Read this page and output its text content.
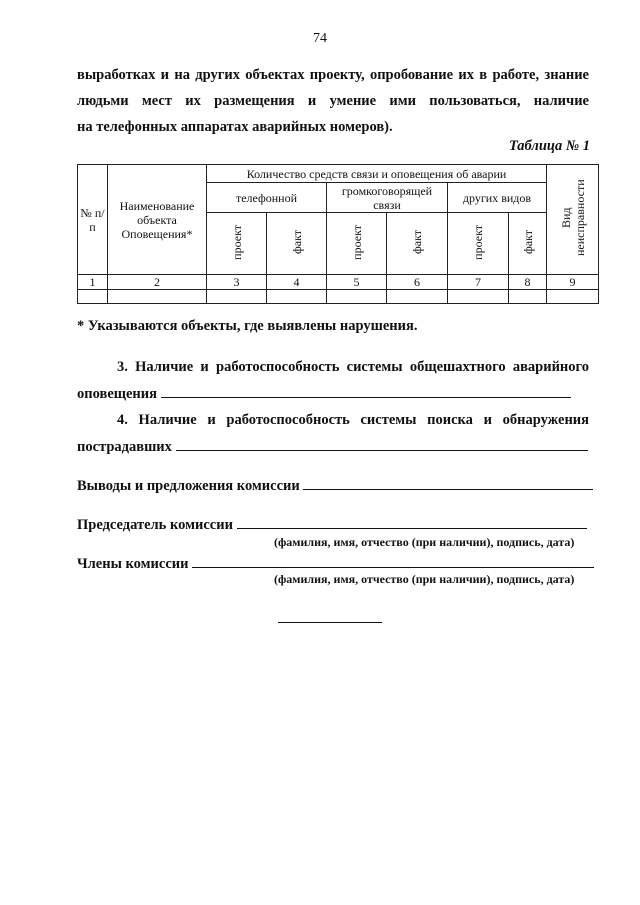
74
выработках и на других объектах проекту, опробование их в работе, знание
людьми мест их размещения и умение ими пользоваться, наличие
на телефонных аппаратах аварийных номеров).
Таблица № 1
№ п/п	Наименование объекта Оповещения*	Количество средств связи и оповещения об аварии						Вид неисправности
		телефонной		громкоговорящей связи		других видов		
		проект	факт	проект	факт	проект	факт	
1	2	3	4	5	6	7	8	9

* Указываются объекты, где выявлены нарушения.
3. Наличие и работоспособность системы общешахтного аварийного
оповещения
4. Наличие и работоспособность системы поиска и обнаружения
пострадавших
Выводы и предложения комиссии
Председатель комиссии
(фамилия, имя, отчество (при наличии), подпись, дата)
Члены комиссии
(фамилия, имя, отчество (при наличии), подпись, дата)
